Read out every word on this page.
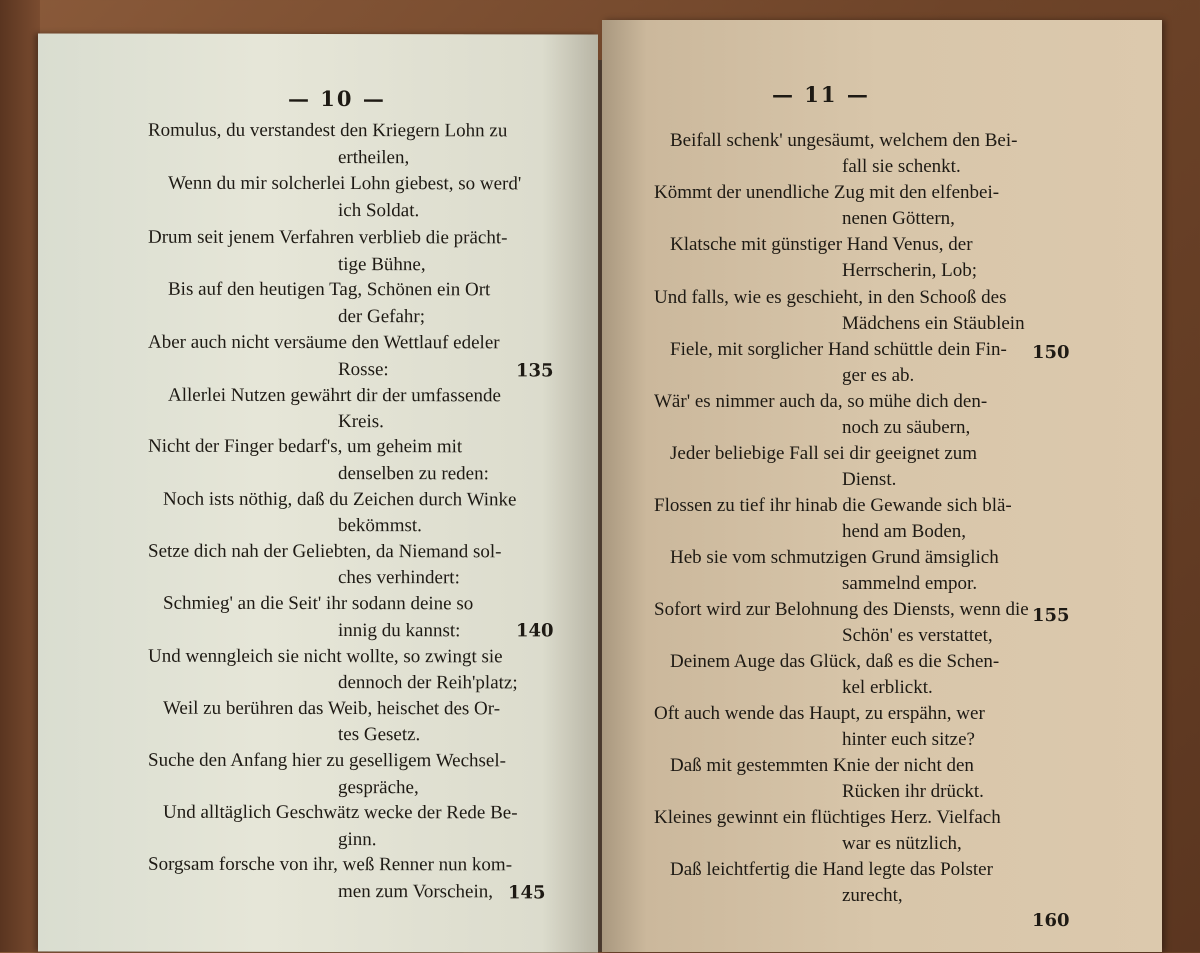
— 10 —
Romulus, du verstandest den Kriegern Lohn zu
ertheilen,
Wenn du mir solcherlei Lohn giebest, so werd'
ich Soldat.
Drum seit jenem Verfahren verblieb die prächt-
tige Bühne,
Bis auf den heutigen Tag, Schönen ein Ort
der Gefahr;
Aber auch nicht versäume den Wettlauf edeler
Rosse:
Allerlei Nutzen gewährt dir der umfassende
Kreis.
Nicht der Finger bedarf's, um geheim mit
denselben zu reden:
Noch ists nöthig, daß du Zeichen durch Winke
bekömmst.
Setze dich nah der Geliebten, da Niemand sol-
ches verhindert:
Schmieg' an die Seit' ihr sodann deine so
innig du kannst:
Und wenngleich sie nicht wollte, so zwingt sie
dennoch der Reih'platz;
Weil zu berühren das Weib, heischet des Or-
tes Gesetz.
Suche den Anfang hier zu geselligem Wechsel-
gespräche,
Und alltäglich Geschwätz wecke der Rede Be-
ginn.
Sorgsam forsche von ihr, weß Renner nun kom-
men zum Vorschein,
135
140
145
— 11 —
Beifall schenk' ungesäumt, welchem den Bei-
fall sie schenkt.
Kömmt der unendliche Zug mit den elfenbei-
nenen Göttern,
Klatsche mit günstiger Hand Venus, der
Herrscherin, Lob;
Und falls, wie es geschieht, in den Schooß des
Mädchens ein Stäublein
Fiele, mit sorglicher Hand schüttle dein Fin-
ger es ab.
Wär' es nimmer auch da, so mühe dich den-
noch zu säubern,
Jeder beliebige Fall sei dir geeignet zum
Dienst.
Flossen zu tief ihr hinab die Gewande sich blä-
hend am Boden,
Heb sie vom schmutzigen Grund ämsiglich
sammelnd empor.
Sofort wird zur Belohnung des Diensts, wenn die
Schön' es verstattet,
Deinem Auge das Glück, daß es die Schen-
kel erblickt.
Oft auch wende das Haupt, zu erspähn, wer
hinter euch sitze?
Daß mit gestemmten Knie der nicht den
Rücken ihr drückt.
Kleines gewinnt ein flüchtiges Herz. Vielfach
war es nützlich,
Daß leichtfertig die Hand legte das Polster
zurecht,
150
155
160
